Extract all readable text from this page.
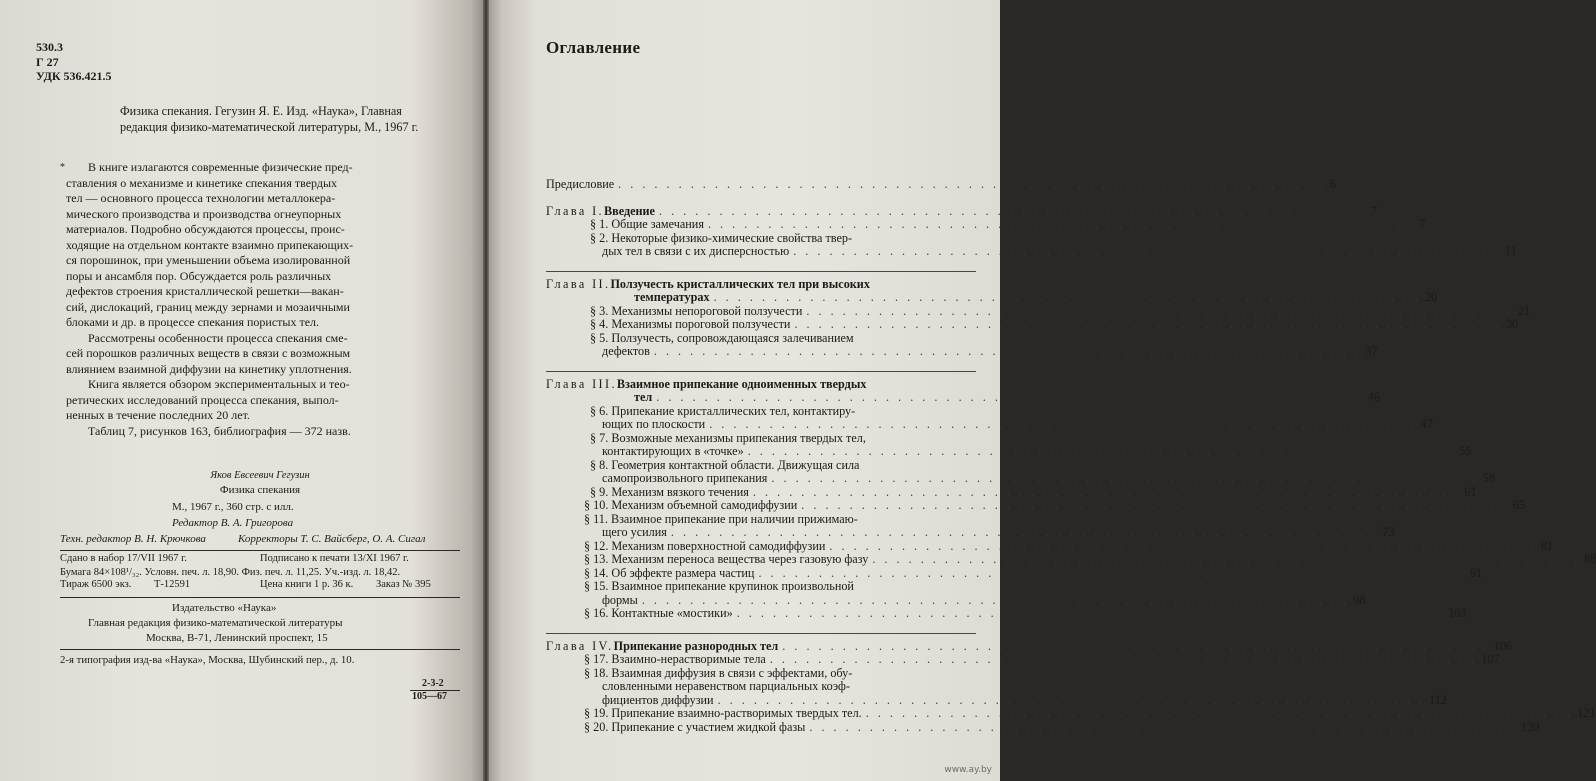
530.3
Г 27
УДК 536.421.5
Физика спекания. Гегузин Я. Е. Изд. «Наука», Главная редакция физико-математической литературы, М., 1967 г.
*	В книге излагаются современные физические пред-
ставления о механизме и кинетике спекания твердых
тел — основного процесса технологии металлокера-
мического производства и производства огнеупорных
материалов. Подробно обсуждаются процессы, проис-
ходящие на отдельном контакте взаимно припекающих-
ся порошинок, при уменьшении объема изолированной
поры и ансамбля пор. Обсуждается роль различных
дефектов строения кристаллической решетки—вакан-
сий, дислокаций, границ между зернами и мозаичными
блоками и др. в процессе спекания пористых тел.
Рассмотрены особенности процесса спекания сме-
сей порошков различных веществ в связи с возможным
влиянием взаимной диффузии на кинетику уплотнения.
Книга является обзором экспериментальных и тео-
ретических исследований процесса спекания, выпол-
ненных в течение последних 20 лет.
Таблиц 7, рисунков 163, библиография — 372 назв.
Яков Евсеевич Гегузин
Физика спекания
М., 1967 г., 360 стр. с илл.
Редактор В. А. Григорова
Техн. редактор В. Н. Крючкова	Корректоры Т. С. Вайсберг, О. А. Сигал
Сдано в набор 17/VII 1967 г.	Подписано к печати 13/XI 1967 г.
Бумага 84×108¹/₃₂. Условн. печ. л. 18,90. Физ. печ. л. 11,25. Уч.-изд. л. 18,42.
Тираж 6500 экз. Т-12591	Цена книги 1 р. 36 к. Заказ № 395
Издательство «Наука»
Главная редакция физико-математической литературы
Москва, В-71, Ленинский проспект, 15
2-я типография изд-ва «Наука», Москва, Шубинский пер., д. 10.
2-3-2
105—67
Оглавление
Предисловие . . . . . . . . . . . . . . . . . . . . . . . . . . . . . . . . . . . . . . . . . . . . . . . . . . . . . . . . . . . 6
Глава I. Введение . . . . . . . . . . . . . . . . . . . . . . . . . . . . . . . . . . . . . . . . . . . . . . . . . . . . . . . . . . . 7
§ 1. Общие замечания . . . . . . . . . . . . . . . . . . . . . . . . . . . . . . . . . . . . . . . . . . . . . . . . . . . . . . . . . . . 7
§ 2. Некоторые физико-химические свойства твер-
дых тел в связи с их дисперсностью . . . . . . . . . . . . . . . . . . . . . . . . . . . . . . . . . . . . . . . . . . . . . . . . . . . . . . . . . . . 11
Глава II. Ползучесть кристаллических тел при высоких
температурах . . . . . . . . . . . . . . . . . . . . . . . . . . . . . . . . . . . . . . . . . . . . . . . . . . . . . . . . . . . 20
§ 3. Механизмы непороговой ползучести . . . . . . . . . . . . . . . . . . . . . . . . . . . . . . . . . . . . . . . . . . . . . . . . . . . . . . . . . . . 21
§ 4. Механизмы пороговой ползучести . . . . . . . . . . . . . . . . . . . . . . . . . . . . . . . . . . . . . . . . . . . . . . . . . . . . . . . . . . . 30
§ 5. Ползучесть, сопровождающаяся залечиванием
дефектов . . . . . . . . . . . . . . . . . . . . . . . . . . . . . . . . . . . . . . . . . . . . . . . . . . . . . . . . . . . 37
Глава III. Взаимное припекание одноименных твердых
тел . . . . . . . . . . . . . . . . . . . . . . . . . . . . . . . . . . . . . . . . . . . . . . . . . . . . . . . . . . . 46
§ 6. Припекание кристаллических тел, контактиру-
ющих по плоскости . . . . . . . . . . . . . . . . . . . . . . . . . . . . . . . . . . . . . . . . . . . . . . . . . . . . . . . . . . . 47
§ 7. Возможные механизмы припекания твердых тел,
контактирующих в «точке» . . . . . . . . . . . . . . . . . . . . . . . . . . . . . . . . . . . . . . . . . . . . . . . . . . . . . . . . . . . 55
§ 8. Геометрия контактной области. Движущая сила
самопроизвольного припекания . . . . . . . . . . . . . . . . . . . . . . . . . . . . . . . . . . . . . . . . . . . . . . . . . . . . . . . . . . . 58
§ 9. Механизм вязкого течения . . . . . . . . . . . . . . . . . . . . . . . . . . . . . . . . . . . . . . . . . . . . . . . . . . . . . . . . . . . 61
§ 10. Механизм объемной самодиффузии . . . . . . . . . . . . . . . . . . . . . . . . . . . . . . . . . . . . . . . . . . . . . . . . . . . . . . . . . . . 65
§ 11. Взаимное припекание при наличии прижимаю-
щего усилия . . . . . . . . . . . . . . . . . . . . . . . . . . . . . . . . . . . . . . . . . . . . . . . . . . . . . . . . . . . 73
§ 12. Механизм поверхностной самодиффузии . . . . . . . . . . . . . . . . . . . . . . . . . . . . . . . . . . . . . . . . . . . . . . . . . . . . . . . . . . . 81
§ 13. Механизм переноса вещества через газовую фазу . . . . . . . . . . . . . . . . . . . . . . . . . . . . . . . . . . . . . . . . . . . . . . . . . . . . . . . . . . . 88
§ 14. Об эффекте размера частиц . . . . . . . . . . . . . . . . . . . . . . . . . . . . . . . . . . . . . . . . . . . . . . . . . . . . . . . . . . . 91
§ 15. Взаимное припекание крупинок произвольной
формы . . . . . . . . . . . . . . . . . . . . . . . . . . . . . . . . . . . . . . . . . . . . . . . . . . . . . . . . . . . 98
§ 16. Контактные «мостики» . . . . . . . . . . . . . . . . . . . . . . . . . . . . . . . . . . . . . . . . . . . . . . . . . . . . . . . . . . . 103
Глава IV. Припекание разнородных тел . . . . . . . . . . . . . . . . . . . . . . . . . . . . . . . . . . . . . . . . . . . . . . . . . . . . . . . . . . . 106
§ 17. Взаимно-нерастворимые тела . . . . . . . . . . . . . . . . . . . . . . . . . . . . . . . . . . . . . . . . . . . . . . . . . . . . . . . . . . . 107
§ 18. Взаимная диффузия в связи с эффектами, обу-
словленными неравенством парциальных коэф-
фициентов диффузии . . . . . . . . . . . . . . . . . . . . . . . . . . . . . . . . . . . . . . . . . . . . . . . . . . . . . . . . . . . 112
§ 19. Припекание взаимно-растворимых твердых тел. . . . . . . . . . . . . . . . . . . . . . . . . . . . . . . . . . . . . . . . . . . . . . . . . . . . . . . . . . . . 121
§ 20. Припекание с участием жидкой фазы . . . . . . . . . . . . . . . . . . . . . . . . . . . . . . . . . . . . . . . . . . . . . . . . . . . . . . . . . . . 130
www.ay.by
